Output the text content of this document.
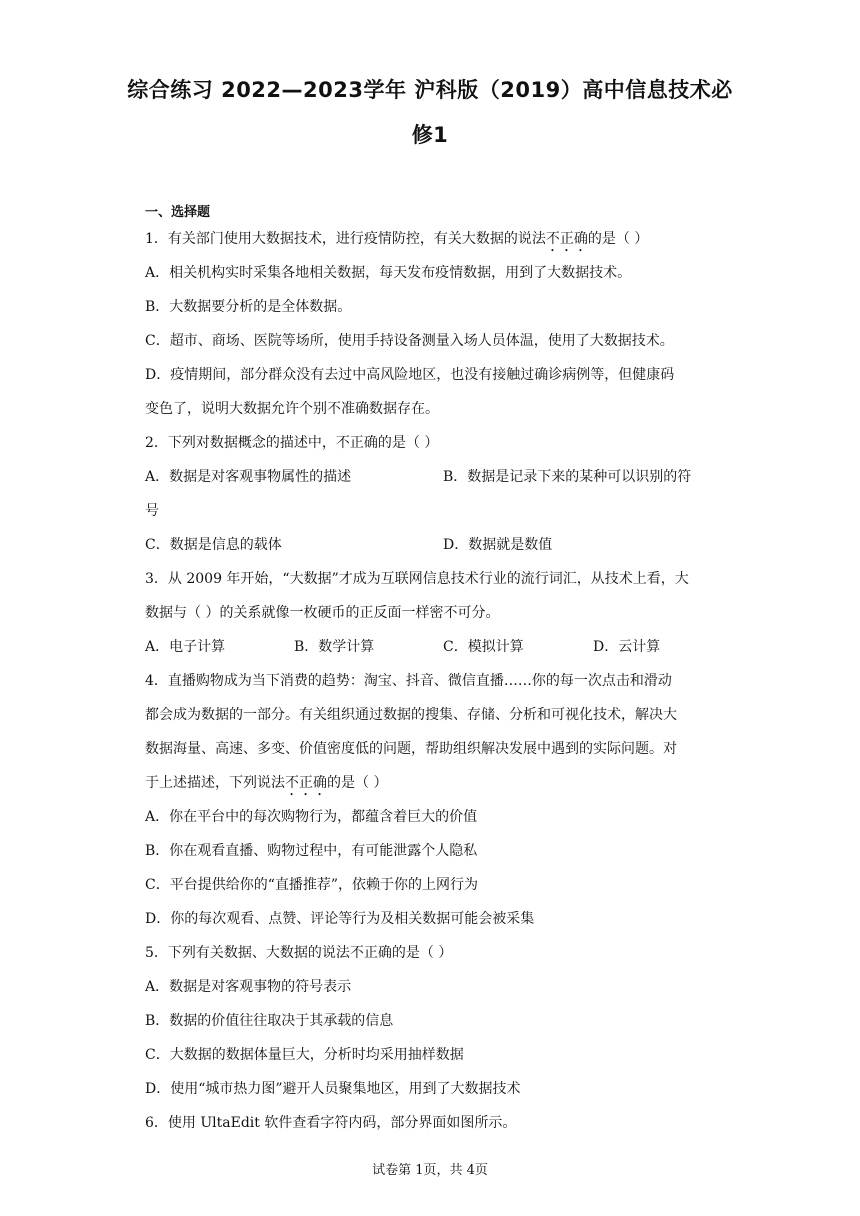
综合练习 2022—2023学年 沪科版（2019）高中信息技术必
修1
一、选择题
1．有关部门使用大数据技术，进行疫情防控，有关大数据的说法不正确的是（ ）
A．相关机构实时采集各地相关数据，每天发布疫情数据，用到了大数据技术。
B．大数据要分析的是全体数据。
C．超市、商场、医院等场所，使用手持设备测量入场人员体温，使用了大数据技术。
D．疫情期间，部分群众没有去过中高风险地区，也没有接触过确诊病例等，但健康码
变色了，说明大数据允许个别不准确数据存在。
2．下列对数据概念的描述中，不正确的是（ ）
A．数据是对客观事物属性的描述	B．数据是记录下来的某种可以识别的符
号
C．数据是信息的载体	D．数据就是数值
3．从 2009 年开始，“大数据”才成为互联网信息技术行业的流行词汇，从技术上看，大
数据与（ ）的关系就像一枚硬币的正反面一样密不可分。
A．电子计算	B．数学计算	C．模拟计算	D．云计算
4．直播购物成为当下消费的趋势：淘宝、抖音、微信直播……你的每一次点击和滑动
都会成为数据的一部分。有关组织通过数据的搜集、存储、分析和可视化技术，解决大
数据海量、高速、多变、价值密度低的问题，帮助组织解决发展中遇到的实际问题。对
于上述描述，下列说法不正确的是（ ）
A．你在平台中的每次购物行为，都蕴含着巨大的价值
B．你在观看直播、购物过程中，有可能泄露个人隐私
C．平台提供给你的“直播推荐”，依赖于你的上网行为
D．你的每次观看、点赞、评论等行为及相关数据可能会被采集
5．下列有关数据、大数据的说法不正确的是（ ）
A．数据是对客观事物的符号表示
B．数据的价值往往取决于其承载的信息
C．大数据的数据体量巨大，分析时均采用抽样数据
D．使用“城市热力图”避开人员聚集地区，用到了大数据技术
6．使用 UltaEdit 软件查看字符内码，部分界面如图所示。
试卷第 1页，共 4页
